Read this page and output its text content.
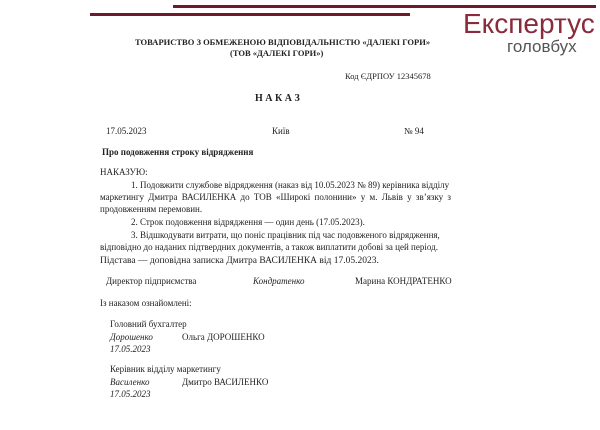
Експертус
головбух
ТОВАРИСТВО З ОБМЕЖЕНОЮ ВІДПОВІДАЛЬНІСТЮ «ДАЛЕКІ ГОРИ»
(ТОВ «ДАЛЕКІ ГОРИ»)
Код ЄДРПОУ 12345678
Н А К А З
17.05.2023	Київ	№ 94
Про подовження строку відрядження
НАКАЗУЮ:
1. Подовжити службове відрядження (наказ від 10.05.2023 № 89) керівника відділу
маркетингу Дмитра ВАСИЛЕНКА до ТОВ «Широкі полонини» у м. Львів у зв’язку з
продовженням перемовин.
2. Строк подовження відрядження — один день (17.05.2023).
3. Відшкодувати витрати, що поніс працівник під час подовженого відрядження,
відповідно до наданих підтвердних документів, а також виплатити добові за цей період.
Підстава — доповідна записка Дмитра ВАСИЛЕНКА від 17.05.2023.
Директор підприємства	Кондратенко	Марина КОНДРАТЕНКО
Із наказом ознайомлені:
Головний бухгалтер
Дорошенко	Ольга ДОРОШЕНКО
17.05.2023
Керівник відділу маркетингу
Василенко	Дмитро ВАСИЛЕНКО
17.05.2023
